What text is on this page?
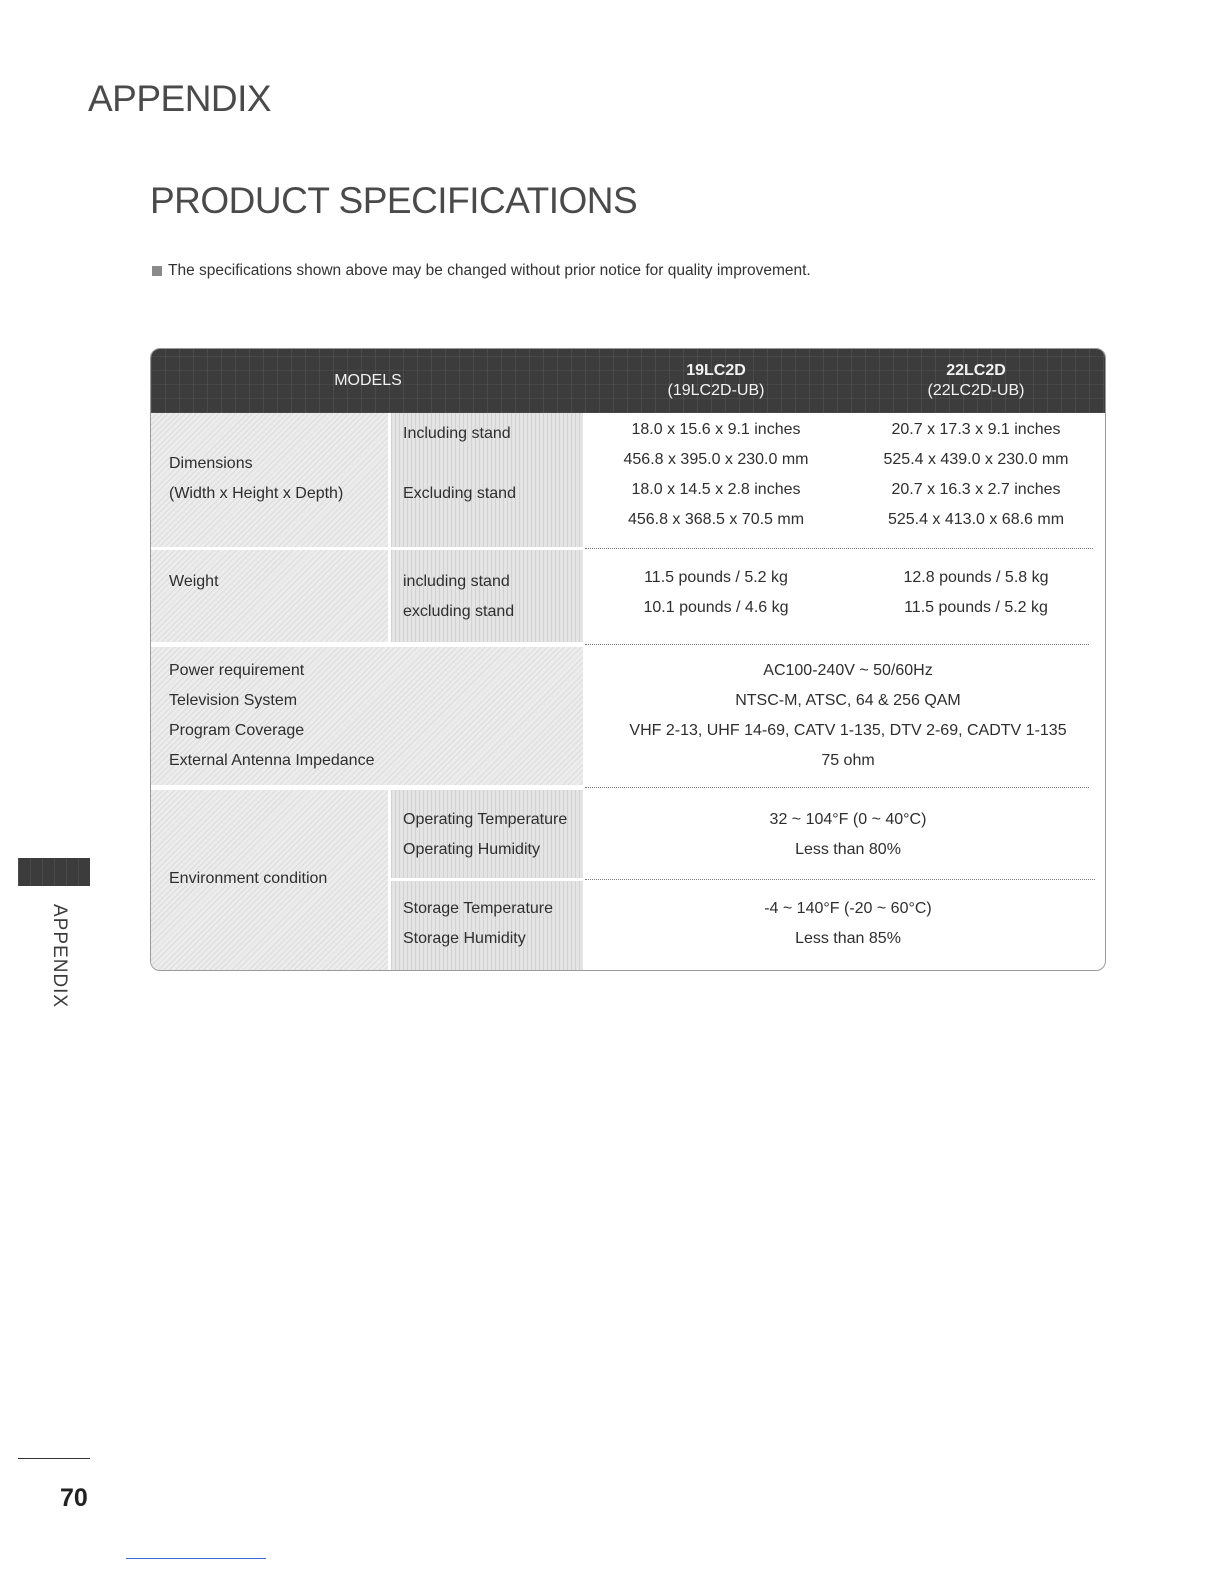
APPENDIX
PRODUCT SPECIFICATIONS
The specifications shown above may be changed without prior notice for quality improvement.
MODELS
19LC2D
(19LC2D-UB)
22LC2D
(22LC2D-UB)
Dimensions
(Width x Height x Depth)
Including stand
Excluding stand
18.0 x 15.6 x 9.1 inches
456.8 x 395.0 x 230.0 mm
18.0 x 14.5 x 2.8 inches
456.8 x 368.5 x 70.5 mm
20.7 x 17.3 x 9.1 inches
525.4 x 439.0 x 230.0 mm
20.7 x 16.3 x 2.7 inches
525.4 x 413.0 x 68.6 mm
Weight	including stand
excluding stand
11.5 pounds / 5.2 kg
10.1 pounds / 4.6 kg
12.8 pounds / 5.8 kg
11.5 pounds / 5.2 kg
Power requirement
Television System
Program Coverage
External Antenna Impedance
AC100-240V ~ 50/60Hz
NTSC-M, ATSC, 64 & 256 QAM
VHF 2-13, UHF 14-69, CATV 1-135, DTV 2-69, CADTV 1-135
75 ohm
Environment condition
Operating Temperature
Operating Humidity
Storage Temperature
Storage Humidity
32 ~ 104°F (0 ~ 40°C)
Less than 80%
-4 ~ 140°F (-20 ~ 60°C)
Less than 85%
APPENDIX
70
